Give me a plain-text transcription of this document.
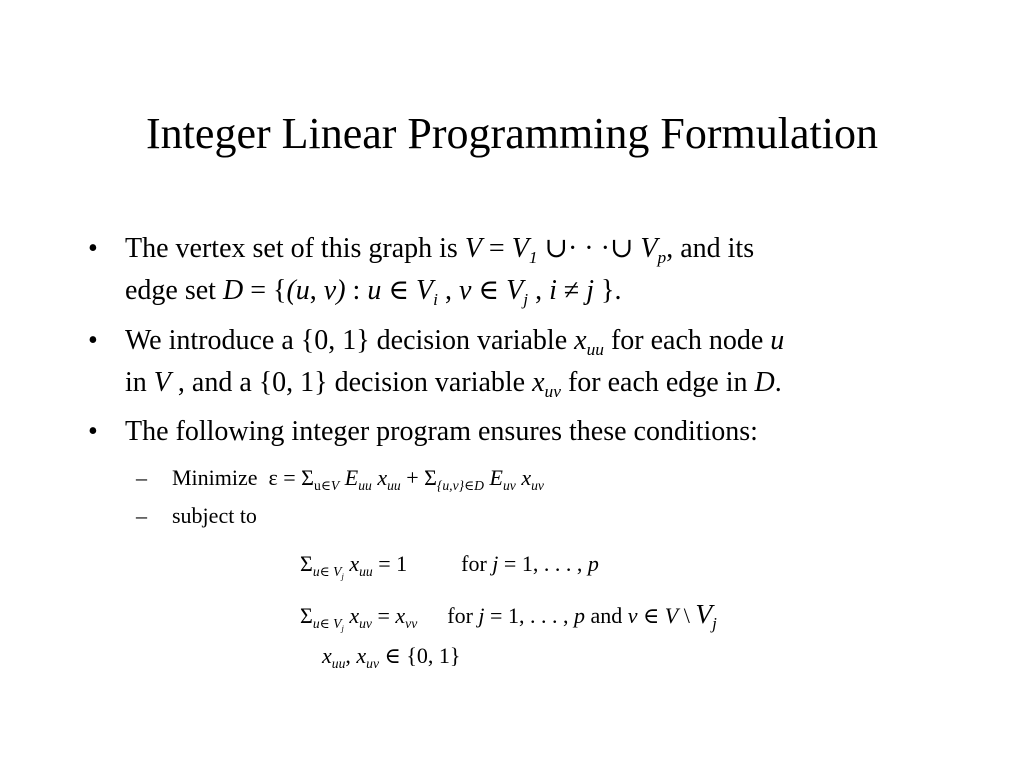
Integer Linear Programming Formulation
• The vertex set of this graph is $V = V_1$ ∪· · ·∪ $V_p$, and its
edge set D = {(u, v) : u ∈ $V_i$ , v ∈ $V_j$ , i ≠ j }.
• We introduce a {0, 1} decision variable $x_{uu}$ for each node u
in V , and a {0, 1} decision variable $x_{uv}$ for each edge in D.
• The following integer program ensures these conditions:
– Minimize  $\varepsilon = \Sigma_{u\in V}$ $E_{uu}$ $x_{uu} + \Sigma_{\{u,v\}\in D}$ $E_{uv}$ $x_{uv}$
– subject to
$\Sigma_{u\in V_j}$ $x_{uu} = 1$ for j = 1, . . . , p
$\Sigma_{u\in V_j}$ $x_{uv} = x_{vv}$ for j = 1, . . . , p and v ∈ V \ $V_j$
$x_{uu}$, $x_{uv}$ ∈ {0, 1}
